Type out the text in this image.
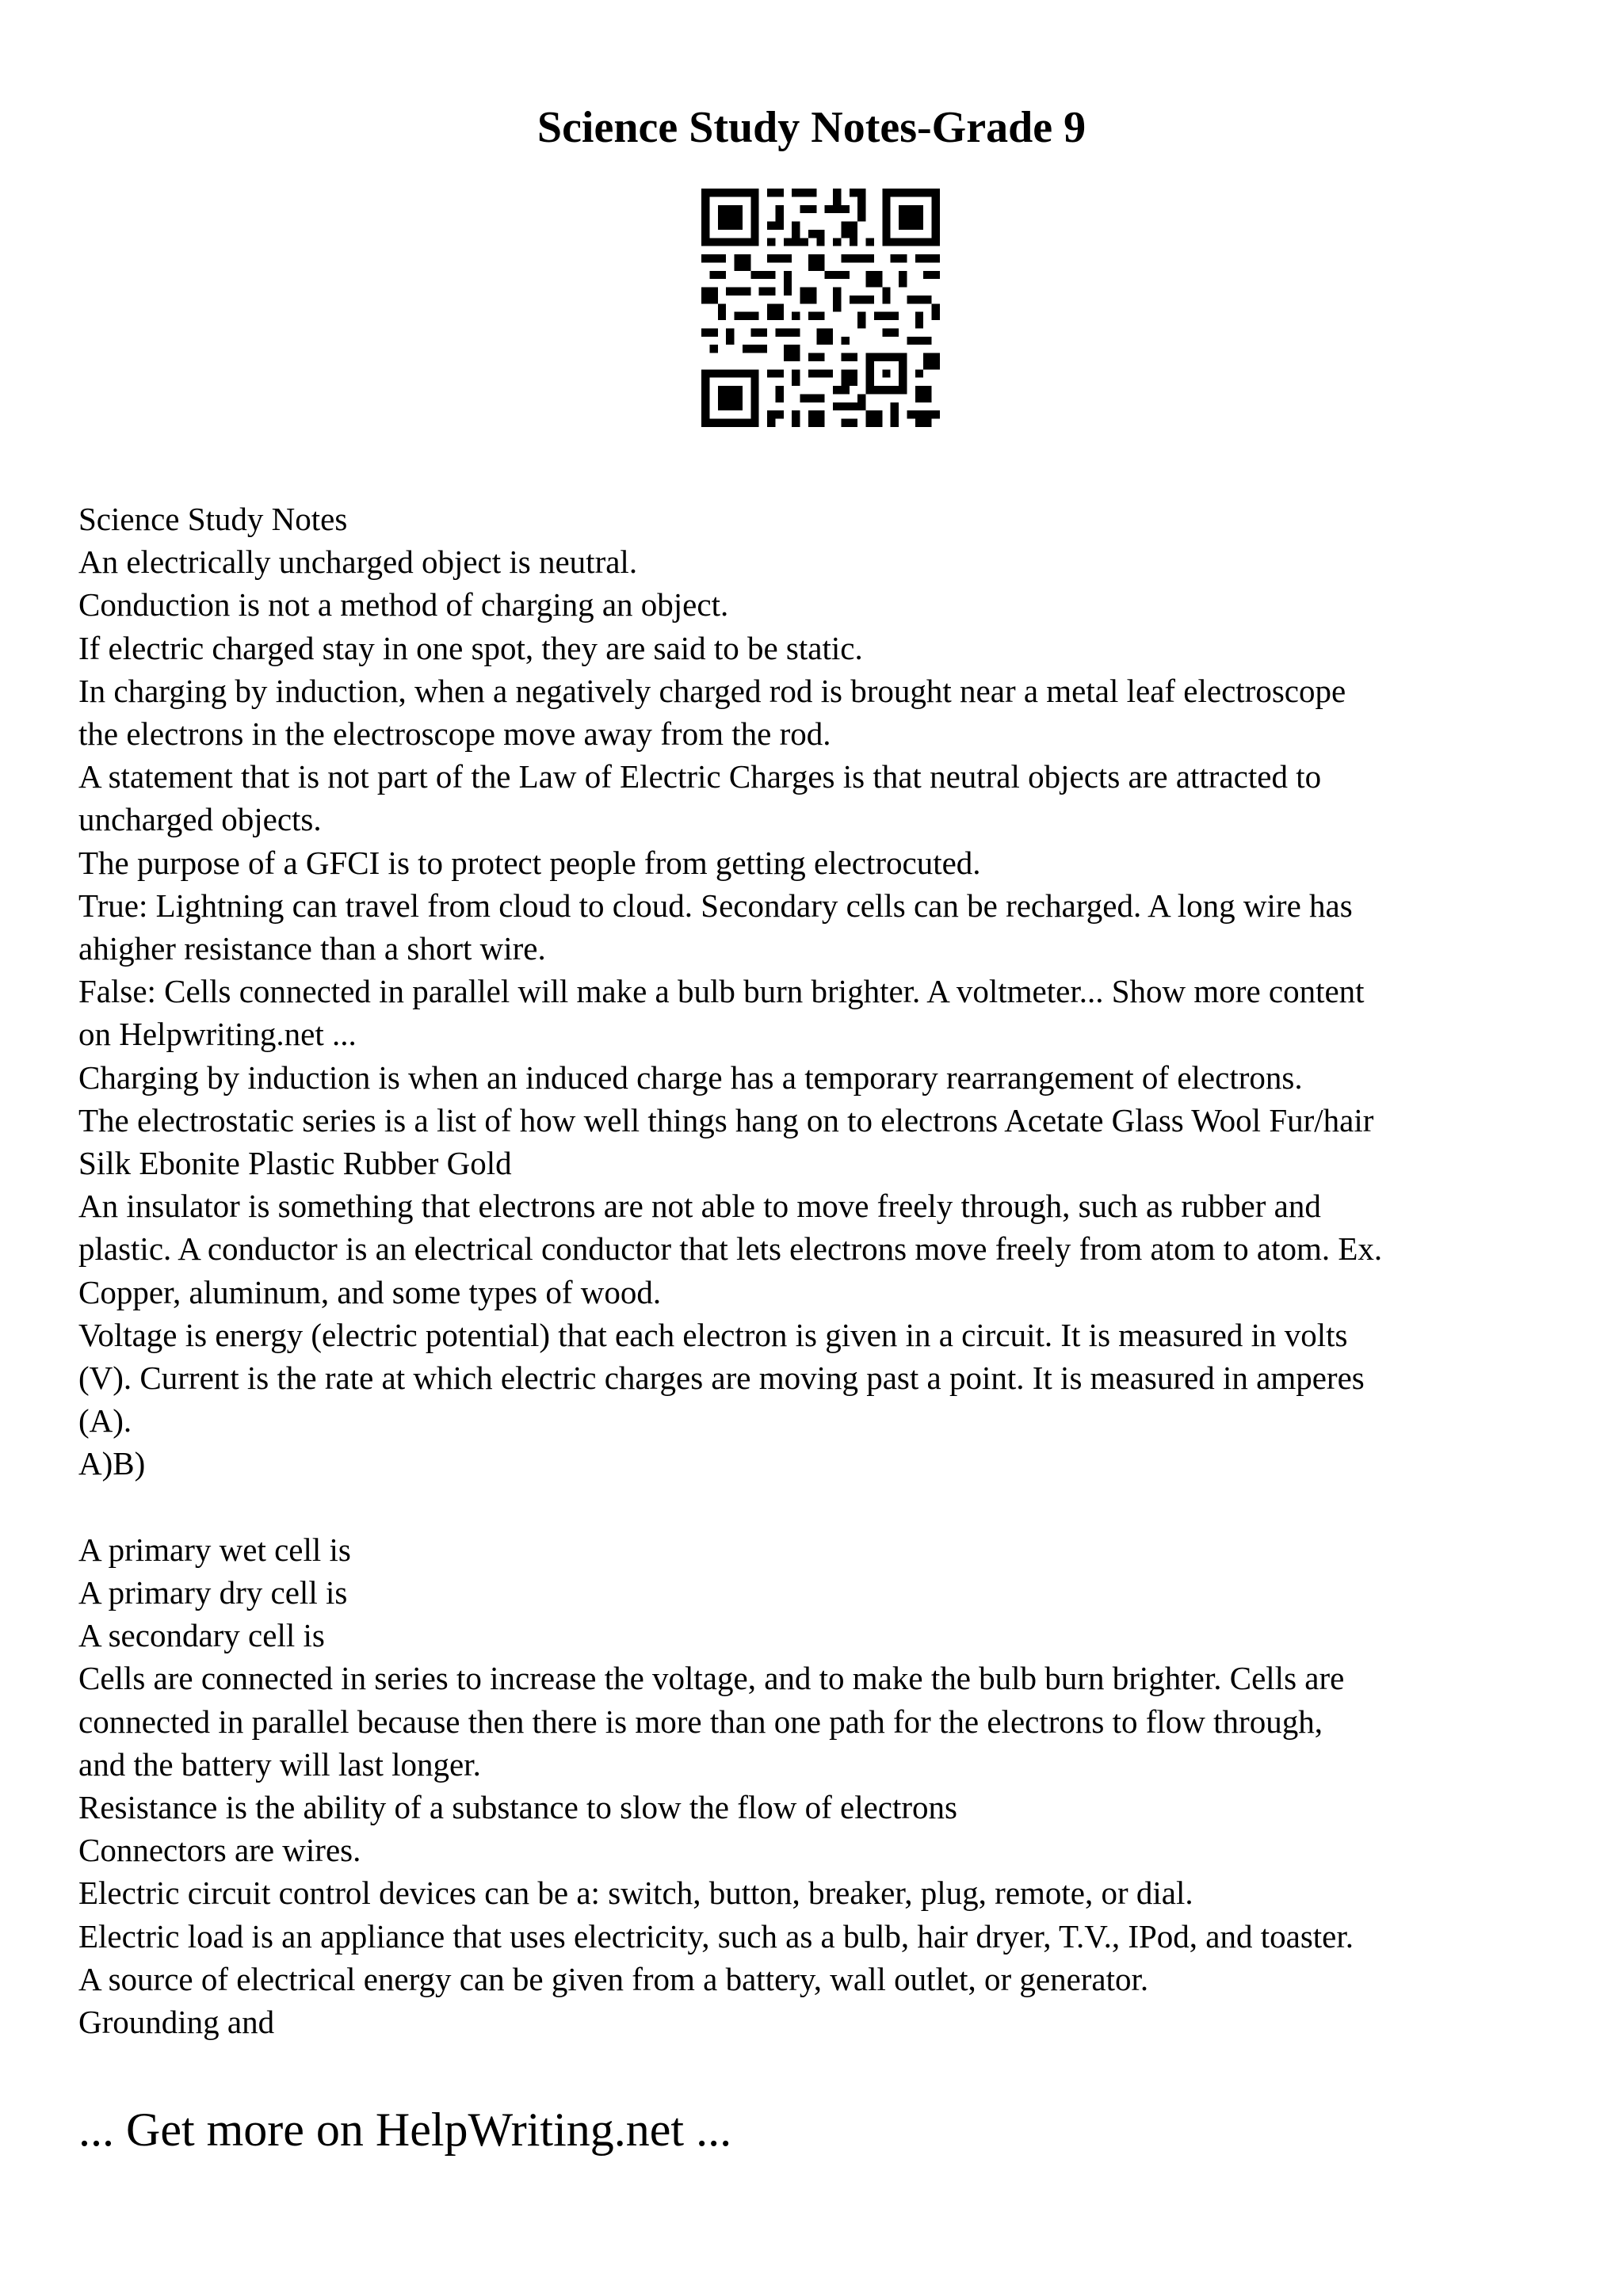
Science Study Notes-Grade 9
Science Study Notes
An electrically uncharged object is neutral.
Conduction is not a method of charging an object.
If electric charged stay in one spot, they are said to be static.
In charging by induction, when a negatively charged rod is brought near a metal leaf electroscope
the electrons in the electroscope move away from the rod.
A statement that is not part of the Law of Electric Charges is that neutral objects are attracted to
uncharged objects.
The purpose of a GFCI is to protect people from getting electrocuted.
True: Lightning can travel from cloud to cloud. Secondary cells can be recharged. A long wire has
ahigher resistance than a short wire.
False: Cells connected in parallel will make a bulb burn brighter. A voltmeter... Show more content
on Helpwriting.net ...
Charging by induction is when an induced charge has a temporary rearrangement of electrons.
The electrostatic series is a list of how well things hang on to electrons Acetate Glass Wool Fur/hair
Silk Ebonite Plastic Rubber Gold
An insulator is something that electrons are not able to move freely through, such as rubber and
plastic. A conductor is an electrical conductor that lets electrons move freely from atom to atom. Ex.
Copper, aluminum, and some types of wood.
Voltage is energy (electric potential) that each electron is given in a circuit. It is measured in volts
(V). Current is the rate at which electric charges are moving past a point. It is measured in amperes
(A).
A)B)
A primary wet cell is
A primary dry cell is
A secondary cell is
Cells are connected in series to increase the voltage, and to make the bulb burn brighter. Cells are
connected in parallel because then there is more than one path for the electrons to flow through,
and the battery will last longer.
Resistance is the ability of a substance to slow the flow of electrons
Connectors are wires.
Electric circuit control devices can be a: switch, button, breaker, plug, remote, or dial.
Electric load is an appliance that uses electricity, such as a bulb, hair dryer, T.V., IPod, and toaster.
A source of electrical energy can be given from a battery, wall outlet, or generator.
Grounding and
... Get more on HelpWriting.net ...
